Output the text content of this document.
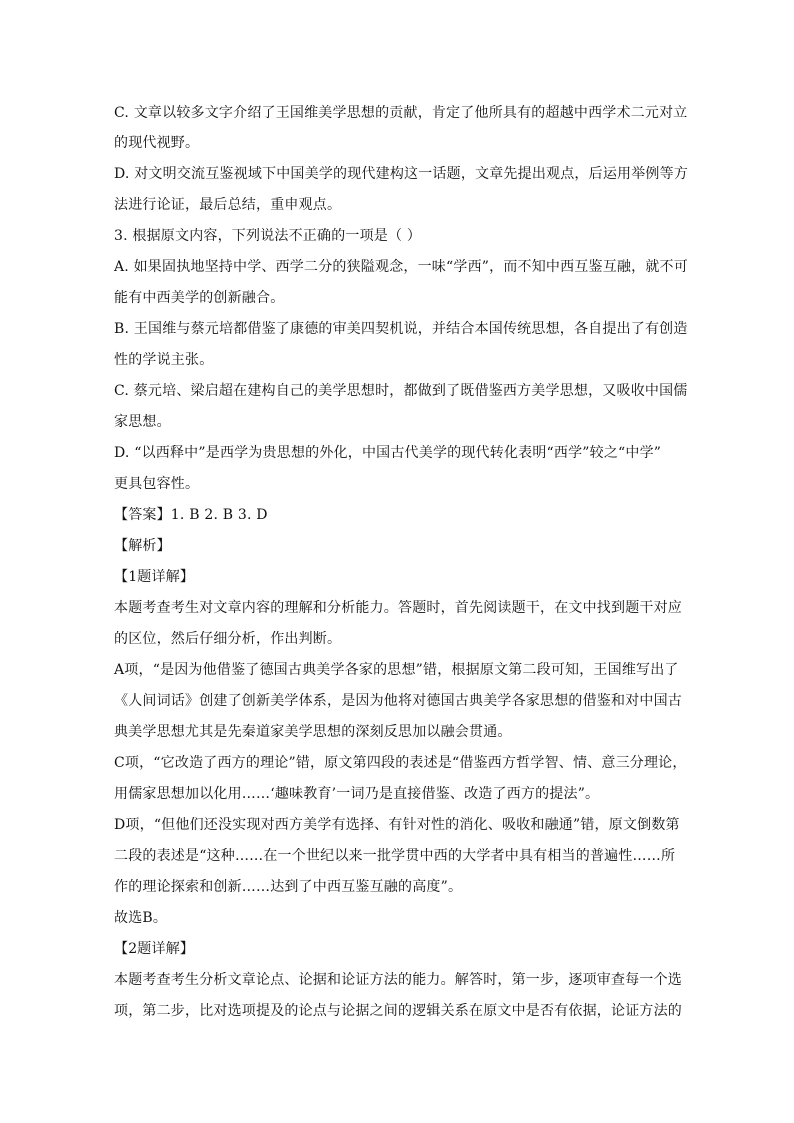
C. 文章以较多文字介绍了王国维美学思想的贡献，肯定了他所具有的超越中西学术二元对立
的现代视野。
D. 对文明交流互鉴视域下中国美学的现代建构这一话题，文章先提出观点，后运用举例等方
法进行论证，最后总结，重申观点。
3. 根据原文内容，下列说法不正确的一项是（ ）
A. 如果固执地坚持中学、西学二分的狭隘观念，一味“学西”，而不知中西互鉴互融，就不可
能有中西美学的创新融合。
B. 王国维与蔡元培都借鉴了康德的审美四契机说，并结合本国传统思想，各自提出了有创造
性的学说主张。
C. 蔡元培、梁启超在建构自己的美学思想时，都做到了既借鉴西方美学思想，又吸收中国儒
家思想。
D. “以西释中”是西学为贵思想的外化，中国古代美学的现代转化表明“西学”较之“中学”
更具包容性。
【答案】1. B 2. B 3. D
【解析】
【1题详解】
本题考查考生对文章内容的理解和分析能力。答题时，首先阅读题干，在文中找到题干对应
的区位，然后仔细分析，作出判断。
A项，“是因为他借鉴了德国古典美学各家的思想”错，根据原文第二段可知，王国维写出了
《人间词话》创建了创新美学体系，是因为他将对德国古典美学各家思想的借鉴和对中国古
典美学思想尤其是先秦道家美学思想的深刻反思加以融会贯通。
C项，“它改造了西方的理论”错，原文第四段的表述是“借鉴西方哲学智、情、意三分理论，
用儒家思想加以化用……‘趣味教育’一词乃是直接借鉴、改造了西方的提法”。
D项，“但他们还没实现对西方美学有选择、有针对性的消化、吸收和融通”错，原文倒数第
二段的表述是“这种……在一个世纪以来一批学贯中西的大学者中具有相当的普遍性……所
作的理论探索和创新……达到了中西互鉴互融的高度”。
故选B。
【2题详解】
本题考查考生分析文章论点、论据和论证方法的能力。解答时，第一步，逐项审查每一个选
项，第二步，比对选项提及的论点与论据之间的逻辑关系在原文中是否有依据，论证方法的
